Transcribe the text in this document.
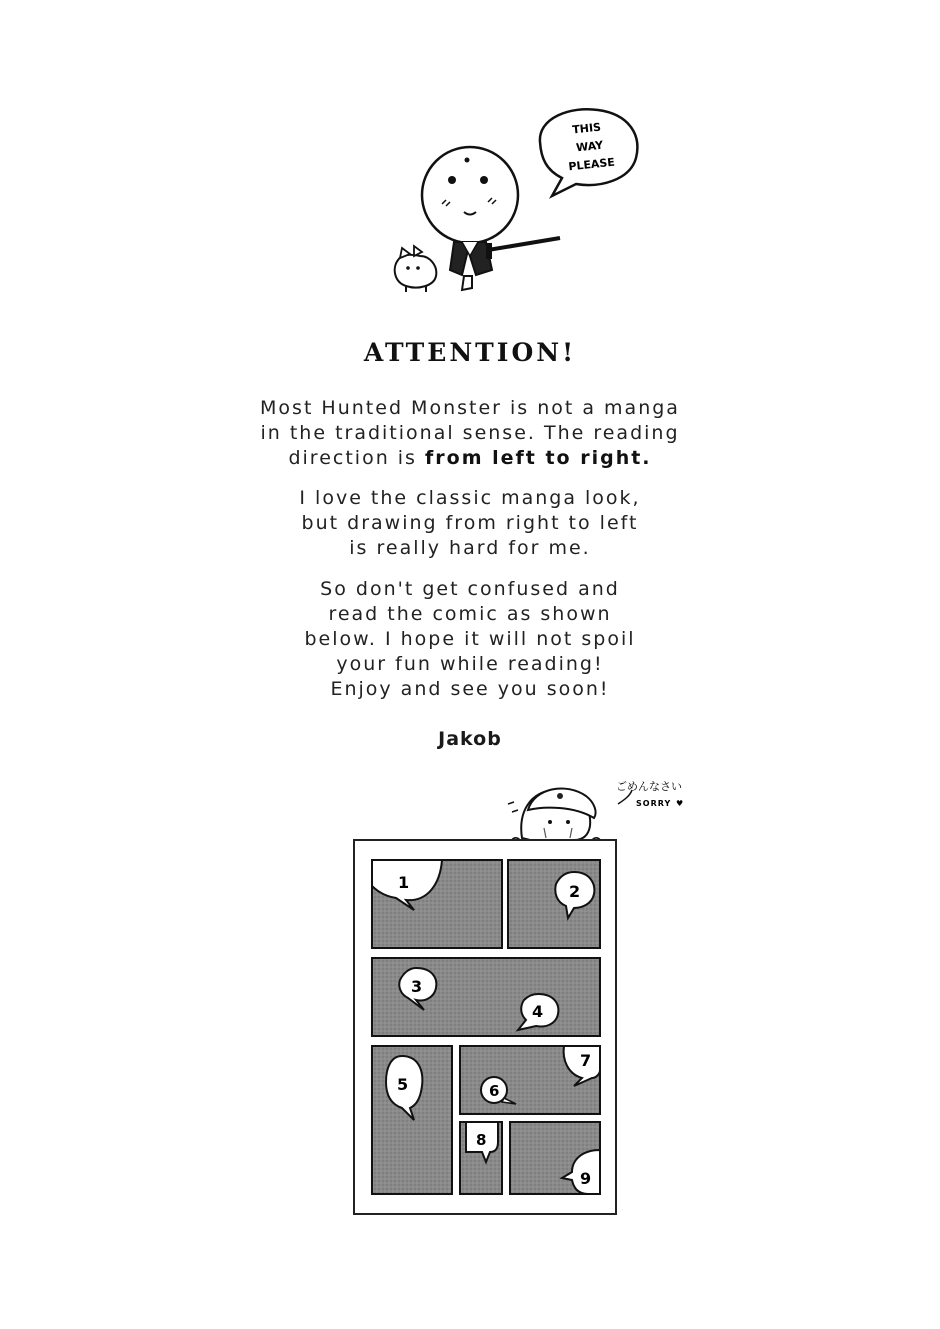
THIS
WAY
PLEASE
ATTENTION!
Most Hunted Monster is not a manga
in the traditional sense. The reading
direction is from left to right.
I love the classic manga look,
but drawing from right to left
is really hard for me.
So don't get confused and
read the comic as shown
below. I hope it will not spoil
your fun while reading!
Enjoy and see you soon!
Jakob
ごめんなさい
SORRY ♥
1	2
3
4
5	6
7
8
9
